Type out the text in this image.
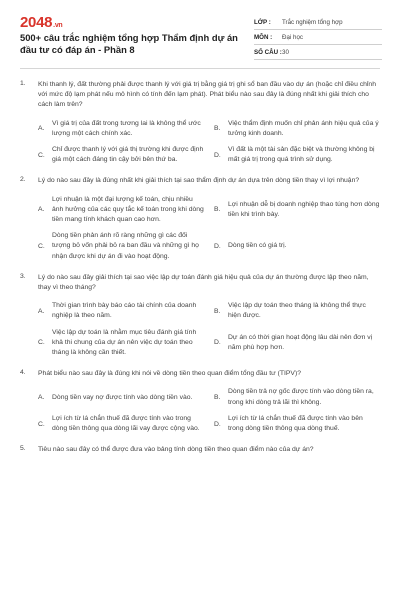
2048.vn
500+ câu trắc nghiệm tổng hợp Thẩm định dự án đầu tư có đáp án - Phần 8
LỚP :	Trắc nghiệm tổng hợp
MÔN :	Đại học
SỐ CÂU : 30
1. Khi thanh lý, đất thường phải được thanh lý với giá trị bằng giá trị ghi sổ ban đầu vào dự án (hoặc chỉ điều chỉnh với mức độ lạm phát nếu mô hình có tính đến lạm phát). Phát biểu nào sau đây là đúng nhất khi giải thích cho cách làm trên?
A.
Vì giá trị của đất trong tương lai là không thể ước lượng một cách chính xác.
B.
Việc thẩm định muốn chỉ phản ánh hiệu quả của ý tưởng kinh doanh.
C.
Chỉ được thanh lý với giá thị trường khi được định giá một cách đáng tin cậy bởi bên thứ ba.
D.
Vì đất là một tài sản đặc biệt và thường không bị mất giá trị trong quá trình sử dụng.
2. Lý do nào sau đây là đúng nhất khi giải thích tại sao thẩm định dự án dựa trên dòng tiền thay vì lợi nhuận?
A.
Lợi nhuận là một đại lượng kế toán, chịu nhiều ảnh hưởng của các quy tắc kế toán trong khi dòng tiền mang tính khách quan cao hơn.
B.
Lợi nhuận dễ bị doanh nghiệp thao túng hơn dòng tiền khi trình bày.
C.
Dòng tiền phản ánh rõ ràng những gì các đối tượng bỏ vốn phải bỏ ra ban đầu và những gì họ nhận được khi dự án đi vào hoạt động.
D.	Dòng tiền có giá trị.
3. Lý do nào sau đây giải thích tại sao việc lập dự toán đánh giá hiệu quả của dự án thường được lập theo năm, thay vì theo tháng?
A.
Thời gian trình bày báo cáo tài chính của doanh nghiệp là theo năm.
B.
Việc lập dự toán theo tháng là không thể thực hiện được.
C.
Việc lập dự toán là nhằm mục tiêu đánh giá tính khả thi chung của dự án nên việc dự toán theo tháng là không cần thiết.
D.
Dự án có thời gian hoạt động lâu dài nên đơn vị năm phù hợp hơn.
4. Phát biểu nào sau đây là đúng khi nói về dòng tiền theo quan điểm tổng đầu tư (TIPV)?
A.	Dòng tiền vay nợ được tính vào dòng tiền vào.	B.
Dòng tiền trả nợ gốc được tính vào dòng tiền ra, trong khi dòng trả lãi thì không.
C.
Lợi ích từ lá chắn thuế đã được tính vào trong dòng tiền thông qua dòng lãi vay được cộng vào.
D.
Lợi ích từ lá chắn thuế đã được tính vào bên trong dòng tiền thông qua dòng thuế.
5. Tiêu nào sau đây có thể được đưa vào bảng tính dòng tiền theo quan điểm nào của dự án?
